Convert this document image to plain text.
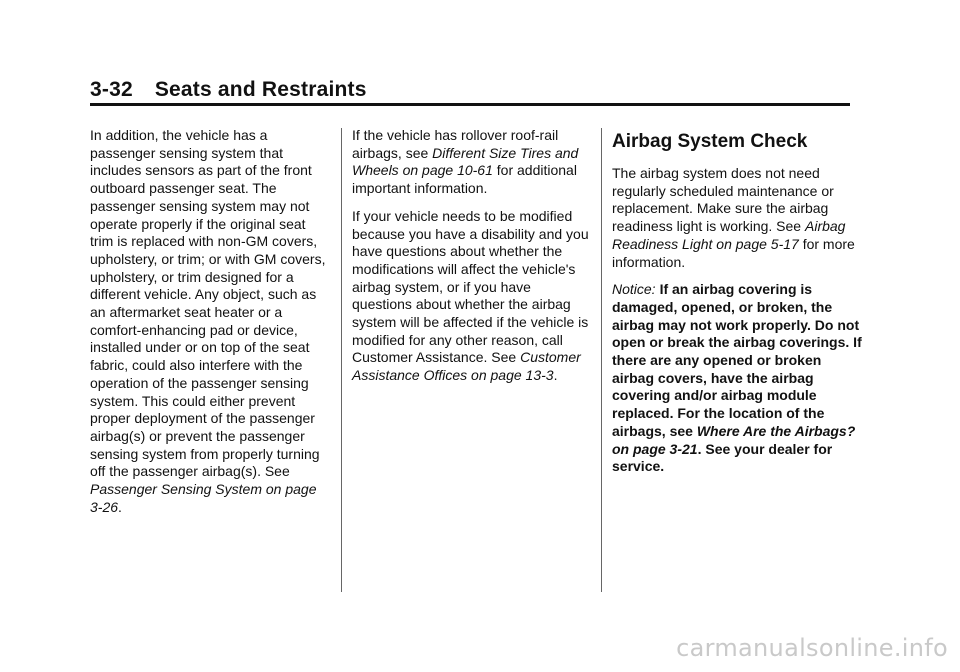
3-32 Seats and Restraints

In addition, the vehicle has a passenger sensing system that includes sensors as part of the front outboard passenger seat. The passenger sensing system may not operate properly if the original seat trim is replaced with non-GM covers, upholstery, or trim; or with GM covers, upholstery, or trim designed for a different vehicle. Any object, such as an aftermarket seat heater or a comfort-enhancing pad or device, installed under or on top of the seat fabric, could also interfere with the operation of the passenger sensing system. This could either prevent proper deployment of the passenger airbag(s) or prevent the passenger sensing system from properly turning off the passenger airbag(s). See Passenger Sensing System on page 3-26.

If the vehicle has rollover roof-rail airbags, see Different Size Tires and Wheels on page 10-61 for additional important information.

If your vehicle needs to be modified because you have a disability and you have questions about whether the modifications will affect the vehicle's airbag system, or if you have questions about whether the airbag system will be affected if the vehicle is modified for any other reason, call Customer Assistance. See Customer Assistance Offices on page 13-3.

Airbag System Check

The airbag system does not need regularly scheduled maintenance or replacement. Make sure the airbag readiness light is working. See Airbag Readiness Light on page 5-17 for more information.

Notice: If an airbag covering is damaged, opened, or broken, the airbag may not work properly. Do not open or break the airbag coverings. If there are any opened or broken airbag covers, have the airbag covering and/or airbag module replaced. For the location of the airbags, see Where Are the Airbags? on page 3-21. See your dealer for service.

carmanualsonline.info
